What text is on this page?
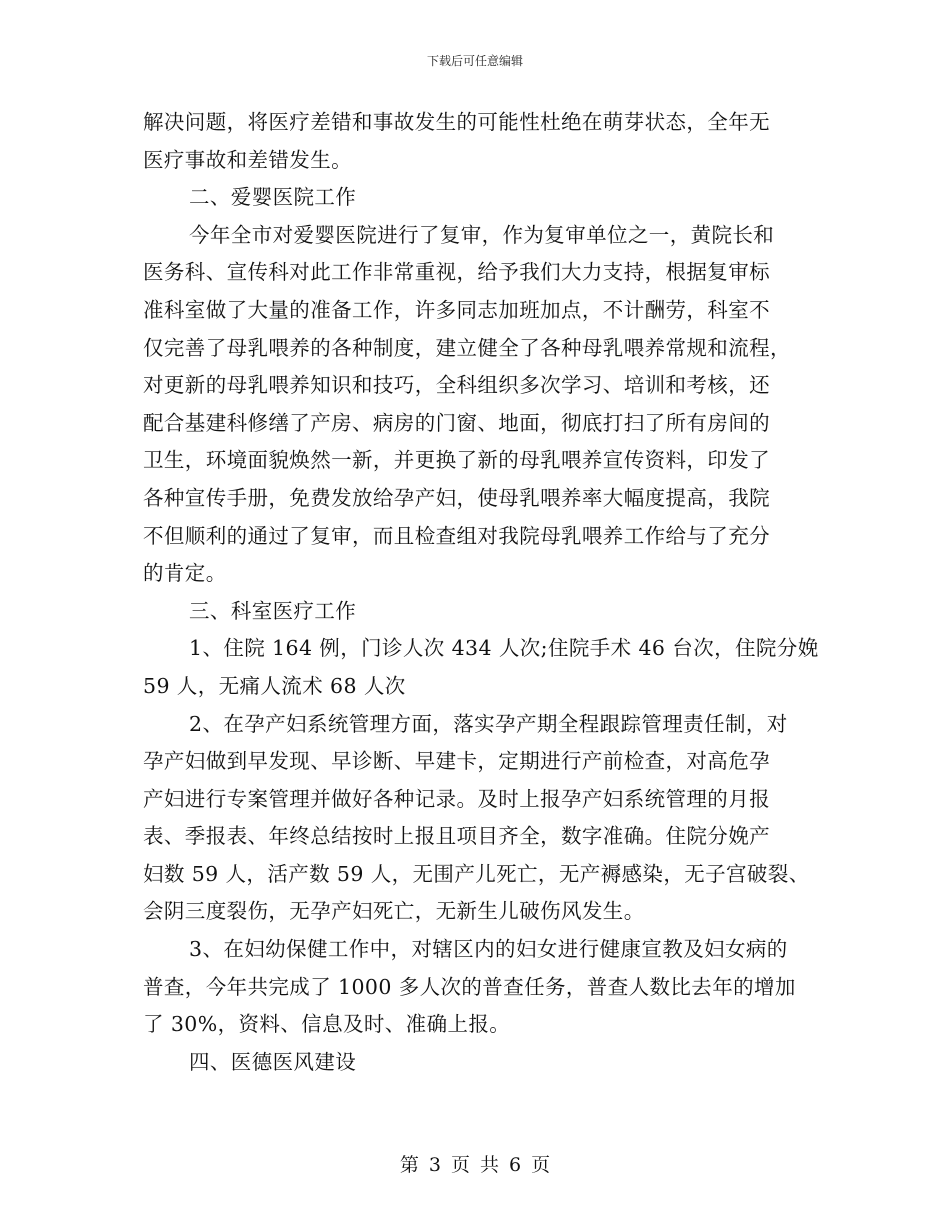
下载后可任意编辑
解决问题，将医疗差错和事故发生的可能性杜绝在萌芽状态，全年无
医疗事故和差错发生。
二、爱婴医院工作
今年全市对爱婴医院进行了复审，作为复审单位之一，黄院长和
医务科、宣传科对此工作非常重视，给予我们大力支持，根据复审标
准科室做了大量的准备工作，许多同志加班加点，不计酬劳，科室不
仅完善了母乳喂养的各种制度，建立健全了各种母乳喂养常规和流程，
对更新的母乳喂养知识和技巧，全科组织多次学习、培训和考核，还
配合基建科修缮了产房、病房的门窗、地面，彻底打扫了所有房间的
卫生，环境面貌焕然一新，并更换了新的母乳喂养宣传资料，印发了
各种宣传手册，免费发放给孕产妇，使母乳喂养率大幅度提高，我院
不但顺利的通过了复审，而且检查组对我院母乳喂养工作给与了充分
的肯定。
三、科室医疗工作
1、住院 164 例，门诊人次 434 人次;住院手术 46 台次，住院分娩
59 人，无痛人流术 68 人次
2、在孕产妇系统管理方面，落实孕产期全程跟踪管理责任制，对
孕产妇做到早发现、早诊断、早建卡，定期进行产前检查，对高危孕
产妇进行专案管理并做好各种记录。及时上报孕产妇系统管理的月报
表、季报表、年终总结按时上报且项目齐全，数字准确。住院分娩产
妇数 59 人，活产数 59 人，无围产儿死亡，无产褥感染，无子宫破裂、
会阴三度裂伤，无孕产妇死亡，无新生儿破伤风发生。
3、在妇幼保健工作中，对辖区内的妇女进行健康宣教及妇女病的
普查，今年共完成了 1000 多人次的普查任务，普查人数比去年的增加
了 30%，资料、信息及时、准确上报。
四、医德医风建设
第 3 页 共 6 页
